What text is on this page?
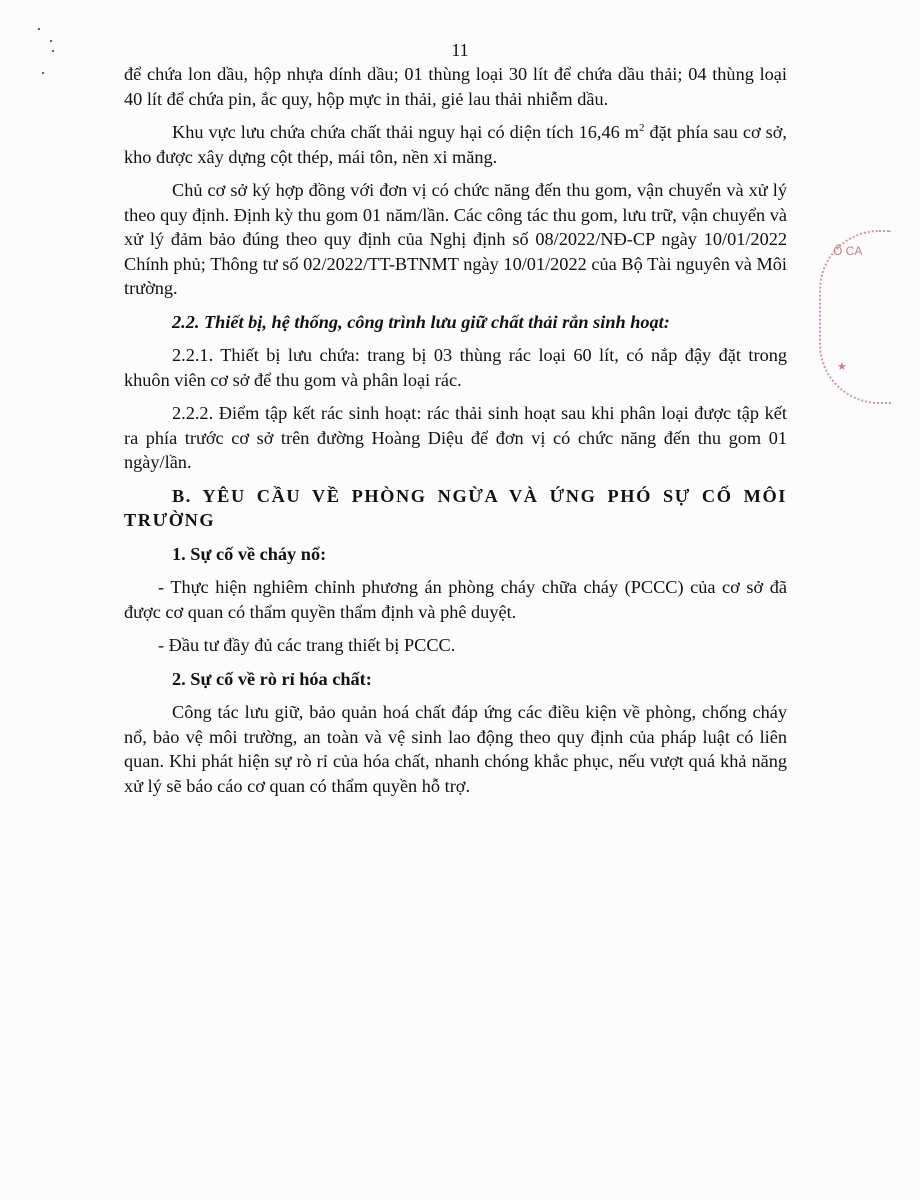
11

để chứa lon dầu, hộp nhựa dính dầu; 01 thùng loại 30 lít để chứa dầu thải; 04 thùng loại 40 lít để chứa pin, ắc quy, hộp mực in thải, giẻ lau thải nhiễm dầu.

Khu vực lưu chứa chứa chất thải nguy hại có diện tích 16,46 $m^2$ đặt phía sau cơ sở, kho được xây dựng cột thép, mái tôn, nền xi măng.

Chủ cơ sở ký hợp đồng với đơn vị có chức năng đến thu gom, vận chuyển và xử lý theo quy định. Định kỳ thu gom 01 năm/lần. Các công tác thu gom, lưu trữ, vận chuyển và xử lý đảm bảo đúng theo quy định của Nghị định số 08/2022/NĐ-CP ngày 10/01/2022 Chính phủ; Thông tư số 02/2022/TT-BTNMT ngày 10/01/2022 của Bộ Tài nguyên và Môi trường.

2.2. Thiết bị, hệ thống, công trình lưu giữ chất thải rắn sinh hoạt:

2.2.1. Thiết bị lưu chứa: trang bị 03 thùng rác loại 60 lít, có nắp đậy đặt trong khuôn viên cơ sở để thu gom và phân loại rác.

2.2.2. Điểm tập kết rác sinh hoạt: rác thải sinh hoạt sau khi phân loại được tập kết ra phía trước cơ sở trên đường Hoàng Diệu để đơn vị có chức năng đến thu gom 01 ngày/lần.

B. YÊU CẦU VỀ PHÒNG NGỪA VÀ ỨNG PHÓ SỰ CỐ MÔI TRƯỜNG

1. Sự cố về cháy nổ:

- Thực hiện nghiêm chỉnh phương án phòng cháy chữa cháy (PCCC) của cơ sở đã được cơ quan có thẩm quyền thẩm định và phê duyệt.

- Đầu tư đầy đủ các trang thiết bị PCCC.

2. Sự cố về rò rỉ hóa chất:

Công tác lưu giữ, bảo quản hoá chất đáp ứng các điều kiện về phòng, chống cháy nổ, bảo vệ môi trường, an toàn và vệ sinh lao động theo quy định của pháp luật có liên quan. Khi phát hiện sự rò rỉ của hóa chất, nhanh chóng khắc phục, nếu vượt quá khả năng xử lý sẽ báo cáo cơ quan có thẩm quyền hỗ trợ.

Ổ CA
★
